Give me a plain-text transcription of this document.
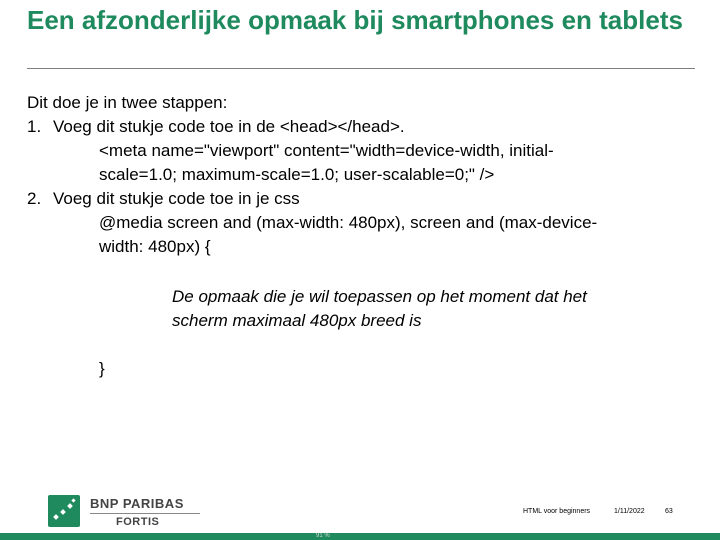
Een afzonderlijke opmaak bij smartphones en tablets
Dit doe je in twee stappen:
1. Voeg dit stukje code toe in de <head></head>.
<meta name="viewport" content="width=device-width, initial-
scale=1.0; maximum-scale=1.0; user-scalable=0;" />
2. Voeg dit stukje code toe in je css
@media screen and (max-width: 480px), screen and (max-device-
width: 480px) {
De opmaak die je wil toepassen op het moment dat het
scherm maximaal 480px breed is
}
BNP PARIBAS
FORTIS
HTML voor beginners	1/11/2022	63
91 %
